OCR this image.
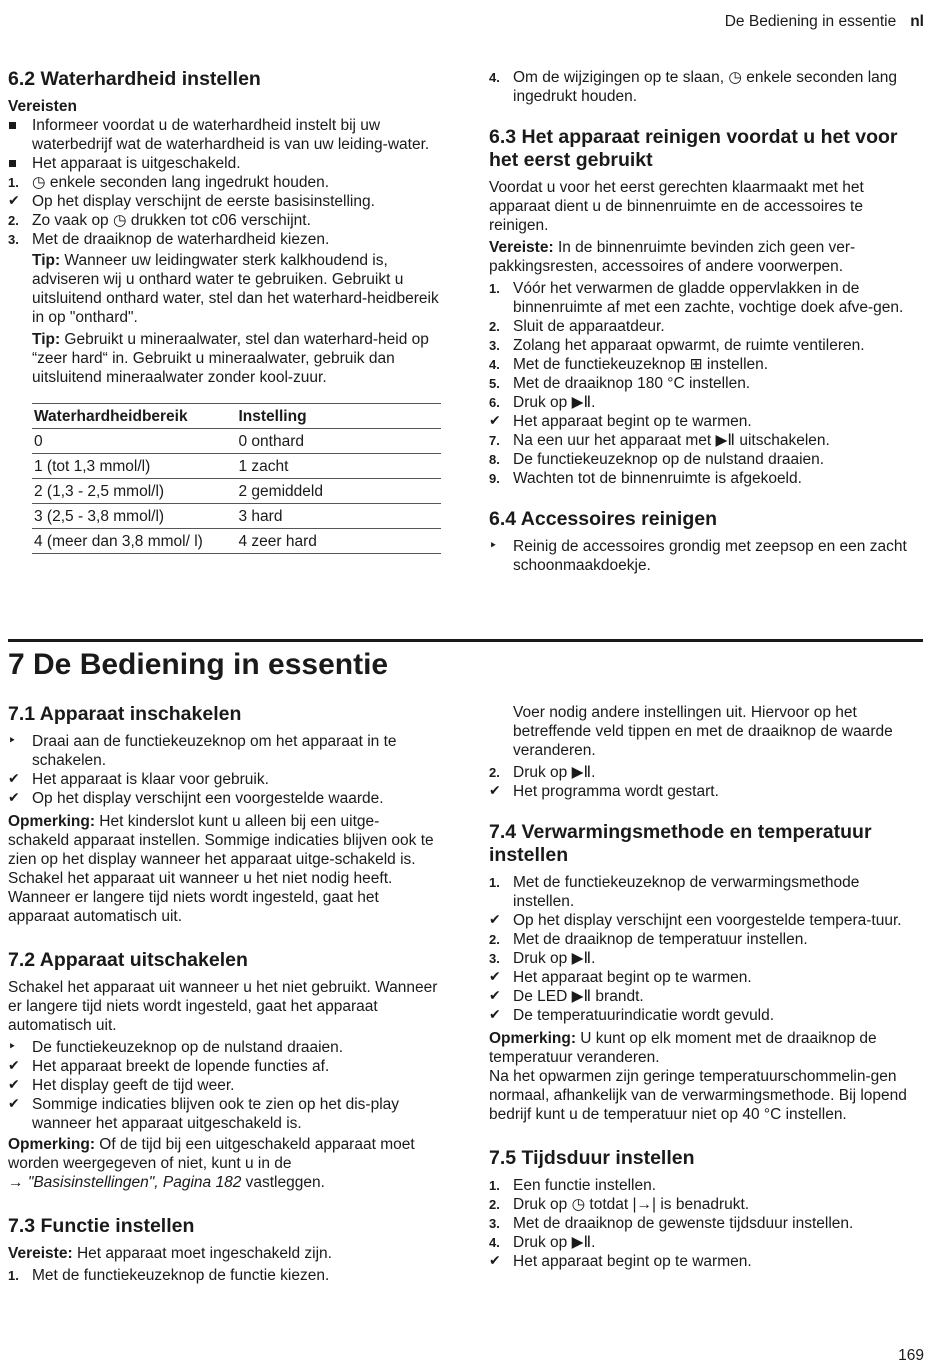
De Bediening in essentie nl
6.2 Waterhardheid instellen

Vereisten

Informeer voordat u de waterhardheid instelt bij uw waterbedrijf wat de waterhardheid is van uw leiding-water.
Het apparaat is uitgeschakeld.
1. ◷ enkele seconden lang ingedrukt houden.
✔ Op het display verschijnt de eerste basisinstelling.
2. Zo vaak op ◷ drukken tot c06 verschijnt.
3. Met de draaiknop de waterhardheid kiezen.

Tip: Wanneer uw leidingwater sterk kalkhoudend is, adviseren wij u onthard water te gebruiken. Gebruikt u uitsluitend onthard water, stel dan het waterhard-heidbereik in op "onthard".

Tip: Gebruikt u mineraalwater, stel dan waterhard-heid op “zeer hard“ in. Gebruikt u mineraalwater, gebruik dan uitsluitend mineraalwater zonder kool-zuur.

Waterhardheidbereik	Instelling
0	0 onthard
1 (tot 1,3 mmol/l)	1 zacht
2 (1,3 - 2,5 mmol/l)	2 gemiddeld
3 (2,5 - 3,8 mmol/l)	3 hard
4 (meer dan 3,8 mmol/ l)	4 zeer hard
4. Om de wijzigingen op te slaan, ◷ enkele seconden lang ingedrukt houden.
6.3 Het apparaat reinigen voordat u het voor het eerst gebruikt

Voordat u voor het eerst gerechten klaarmaakt met het apparaat dient u de binnenruimte en de accessoires te reinigen.

Vereiste: In de binnenruimte bevinden zich geen ver-pakkingsresten, accessoires of andere voorwerpen.

1. Vóór het verwarmen de gladde oppervlakken in de binnenruimte af met een zachte, vochtige doek afve-gen.
2. Sluit de apparaatdeur.
3. Zolang het apparaat opwarmt, de ruimte ventileren.
4. Met de functiekeuzeknop ⊞ instellen.
5. Met de draaiknop 180 °C instellen.
6. Druk op ▶Ⅱ.
✔ Het apparaat begint op te warmen.
7. Na een uur het apparaat met ▶Ⅱ uitschakelen.
8. De functiekeuzeknop op de nulstand draaien.
9. Wachten tot de binnenruimte is afgekoeld.
6.4 Accessoires reinigen
‣	Reinig de accessoires grondig met zeepsop en een zacht schoonmaakdoekje.
7 De Bediening in essentie
7.1 Apparaat inschakelen
‣	Draai aan de functiekeuzeknop om het apparaat in te schakelen.
✔ Het apparaat is klaar voor gebruik.
✔ Op het display verschijnt een voorgestelde waarde.

Opmerking: Het kinderslot kunt u alleen bij een uitge-schakeld apparaat instellen. Sommige indicaties blijven ook te zien op het display wanneer het apparaat uitge-schakeld is.

Schakel het apparaat uit wanneer u het niet nodig heeft. Wanneer er langere tijd niets wordt ingesteld, gaat het apparaat automatisch uit.

7.2 Apparaat uitschakelen

Schakel het apparaat uit wanneer u het niet gebruikt. Wanneer er langere tijd niets wordt ingesteld, gaat het apparaat automatisch uit.

‣	De functiekeuzeknop op de nulstand draaien.
✔ Het apparaat breekt de lopende functies af.
✔ Het display geeft de tijd weer.
✔ Sommige indicaties blijven ook te zien op het dis-play wanneer het apparaat uitgeschakeld is.

Opmerking: Of de tijd bij een uitgeschakeld apparaat moet worden weergegeven of niet, kunt u in de
→ "Basisinstellingen", Pagina 182 vastleggen.

7.3 Functie instellen

Vereiste: Het apparaat moet ingeschakeld zijn.

1. Met de functiekeuzeknop de functie kiezen.

Voer nodig andere instellingen uit. Hiervoor op het betreffende veld tippen en met de draaiknop de waarde veranderen.

2. Druk op ▶Ⅱ.
✔ Het programma wordt gestart.
7.4 Verwarmingsmethode en temperatuur instellen
1. Met de functiekeuzeknop de verwarmingsmethode instellen.
✔ Op het display verschijnt een voorgestelde tempera-tuur.
2. Met de draaiknop de temperatuur instellen.
3. Druk op ▶Ⅱ.
✔ Het apparaat begint op te warmen.
✔ De LED ▶Ⅱ brandt.
✔ De temperatuurindicatie wordt gevuld.

Opmerking: U kunt op elk moment met de draaiknop de temperatuur veranderen.

Na het opwarmen zijn geringe temperatuurschommelin-gen normaal, afhankelijk van de verwarmingsmethode. Bij lopend bedrijf kunt u de temperatuur niet op 40 °C instellen.

7.5 Tijdsduur instellen
1. Een functie instellen.
2. Druk op ◷ totdat |→| is benadrukt.
3. Met de draaiknop de gewenste tijdsduur instellen.
4. Druk op ▶Ⅱ.
✔ Het apparaat begint op te warmen.
169
